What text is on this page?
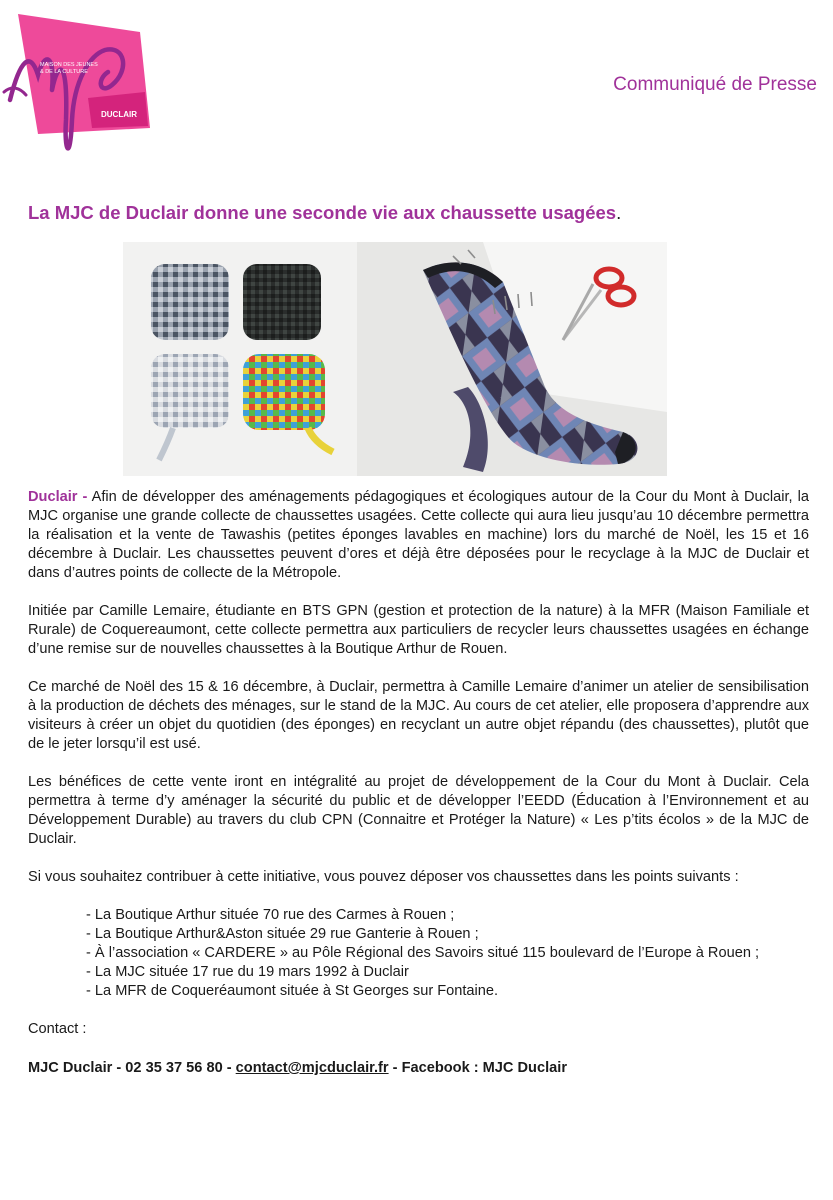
MAISON DES JEUNES
& DE LA CULTURE
DUCLAIR
Communiqué de Presse
La MJC de Duclair donne une seconde vie aux chaussette usagées.

Duclair - Afin de développer des aménagements pédagogiques et écologiques autour de la Cour du Mont à Duclair, la MJC organise une grande collecte de chaussettes usagées. Cette collecte qui aura lieu jusqu’au 10 décembre permettra la réalisation et la vente de Tawashis (petites éponges lavables en machine) lors du marché de Noël, les 15 et 16 décembre à Duclair. Les chaussettes peuvent d’ores et déjà être déposées pour le recyclage à la MJC de Duclair et dans d’autres points de collecte de la Métropole.

Initiée par Camille Lemaire, étudiante en BTS GPN (gestion et protection de la nature) à la MFR (Maison Familiale et Rurale) de Coquereaumont, cette collecte permettra aux particuliers de recycler leurs chaussettes usagées en échange d’une remise sur de nouvelles chaussettes à la Boutique Arthur de Rouen.

Ce marché de Noël des 15 & 16 décembre, à Duclair, permettra à Camille Lemaire d’animer un atelier de sensibilisation à la production de déchets des ménages, sur le stand de la MJC. Au cours de cet atelier, elle proposera d’apprendre aux visiteurs à créer un objet du quotidien (des éponges) en recyclant un autre objet répandu (des chaussettes), plutôt que de le jeter lorsqu’il est usé.

Les bénéfices de cette vente iront en intégralité au projet de développement de la Cour du Mont à Duclair. Cela permettra à terme d’y aménager la sécurité du public et de développer l’EEDD (Éducation à l’Environnement et au Développement Durable) au travers du club CPN (Connaitre et Protéger la Nature) « Les p’tits écolos » de la MJC de Duclair.

Si vous souhaitez contribuer à cette initiative, vous pouvez déposer vos chaussettes dans les points suivants :

- La Boutique Arthur située 70 rue des Carmes à Rouen ;
- La Boutique Arthur&Aston située 29 rue Ganterie à Rouen ;
- À l’association « CARDERE » au Pôle Régional des Savoirs situé 115 boulevard de l’Europe à Rouen ;
- La MJC située 17 rue du 19 mars 1992 à Duclair
- La MFR de Coqueréaumont située à St Georges sur Fontaine.

Contact :

MJC Duclair - 02 35 37 56 80 - contact@mjcduclair.fr - Facebook : MJC Duclair
